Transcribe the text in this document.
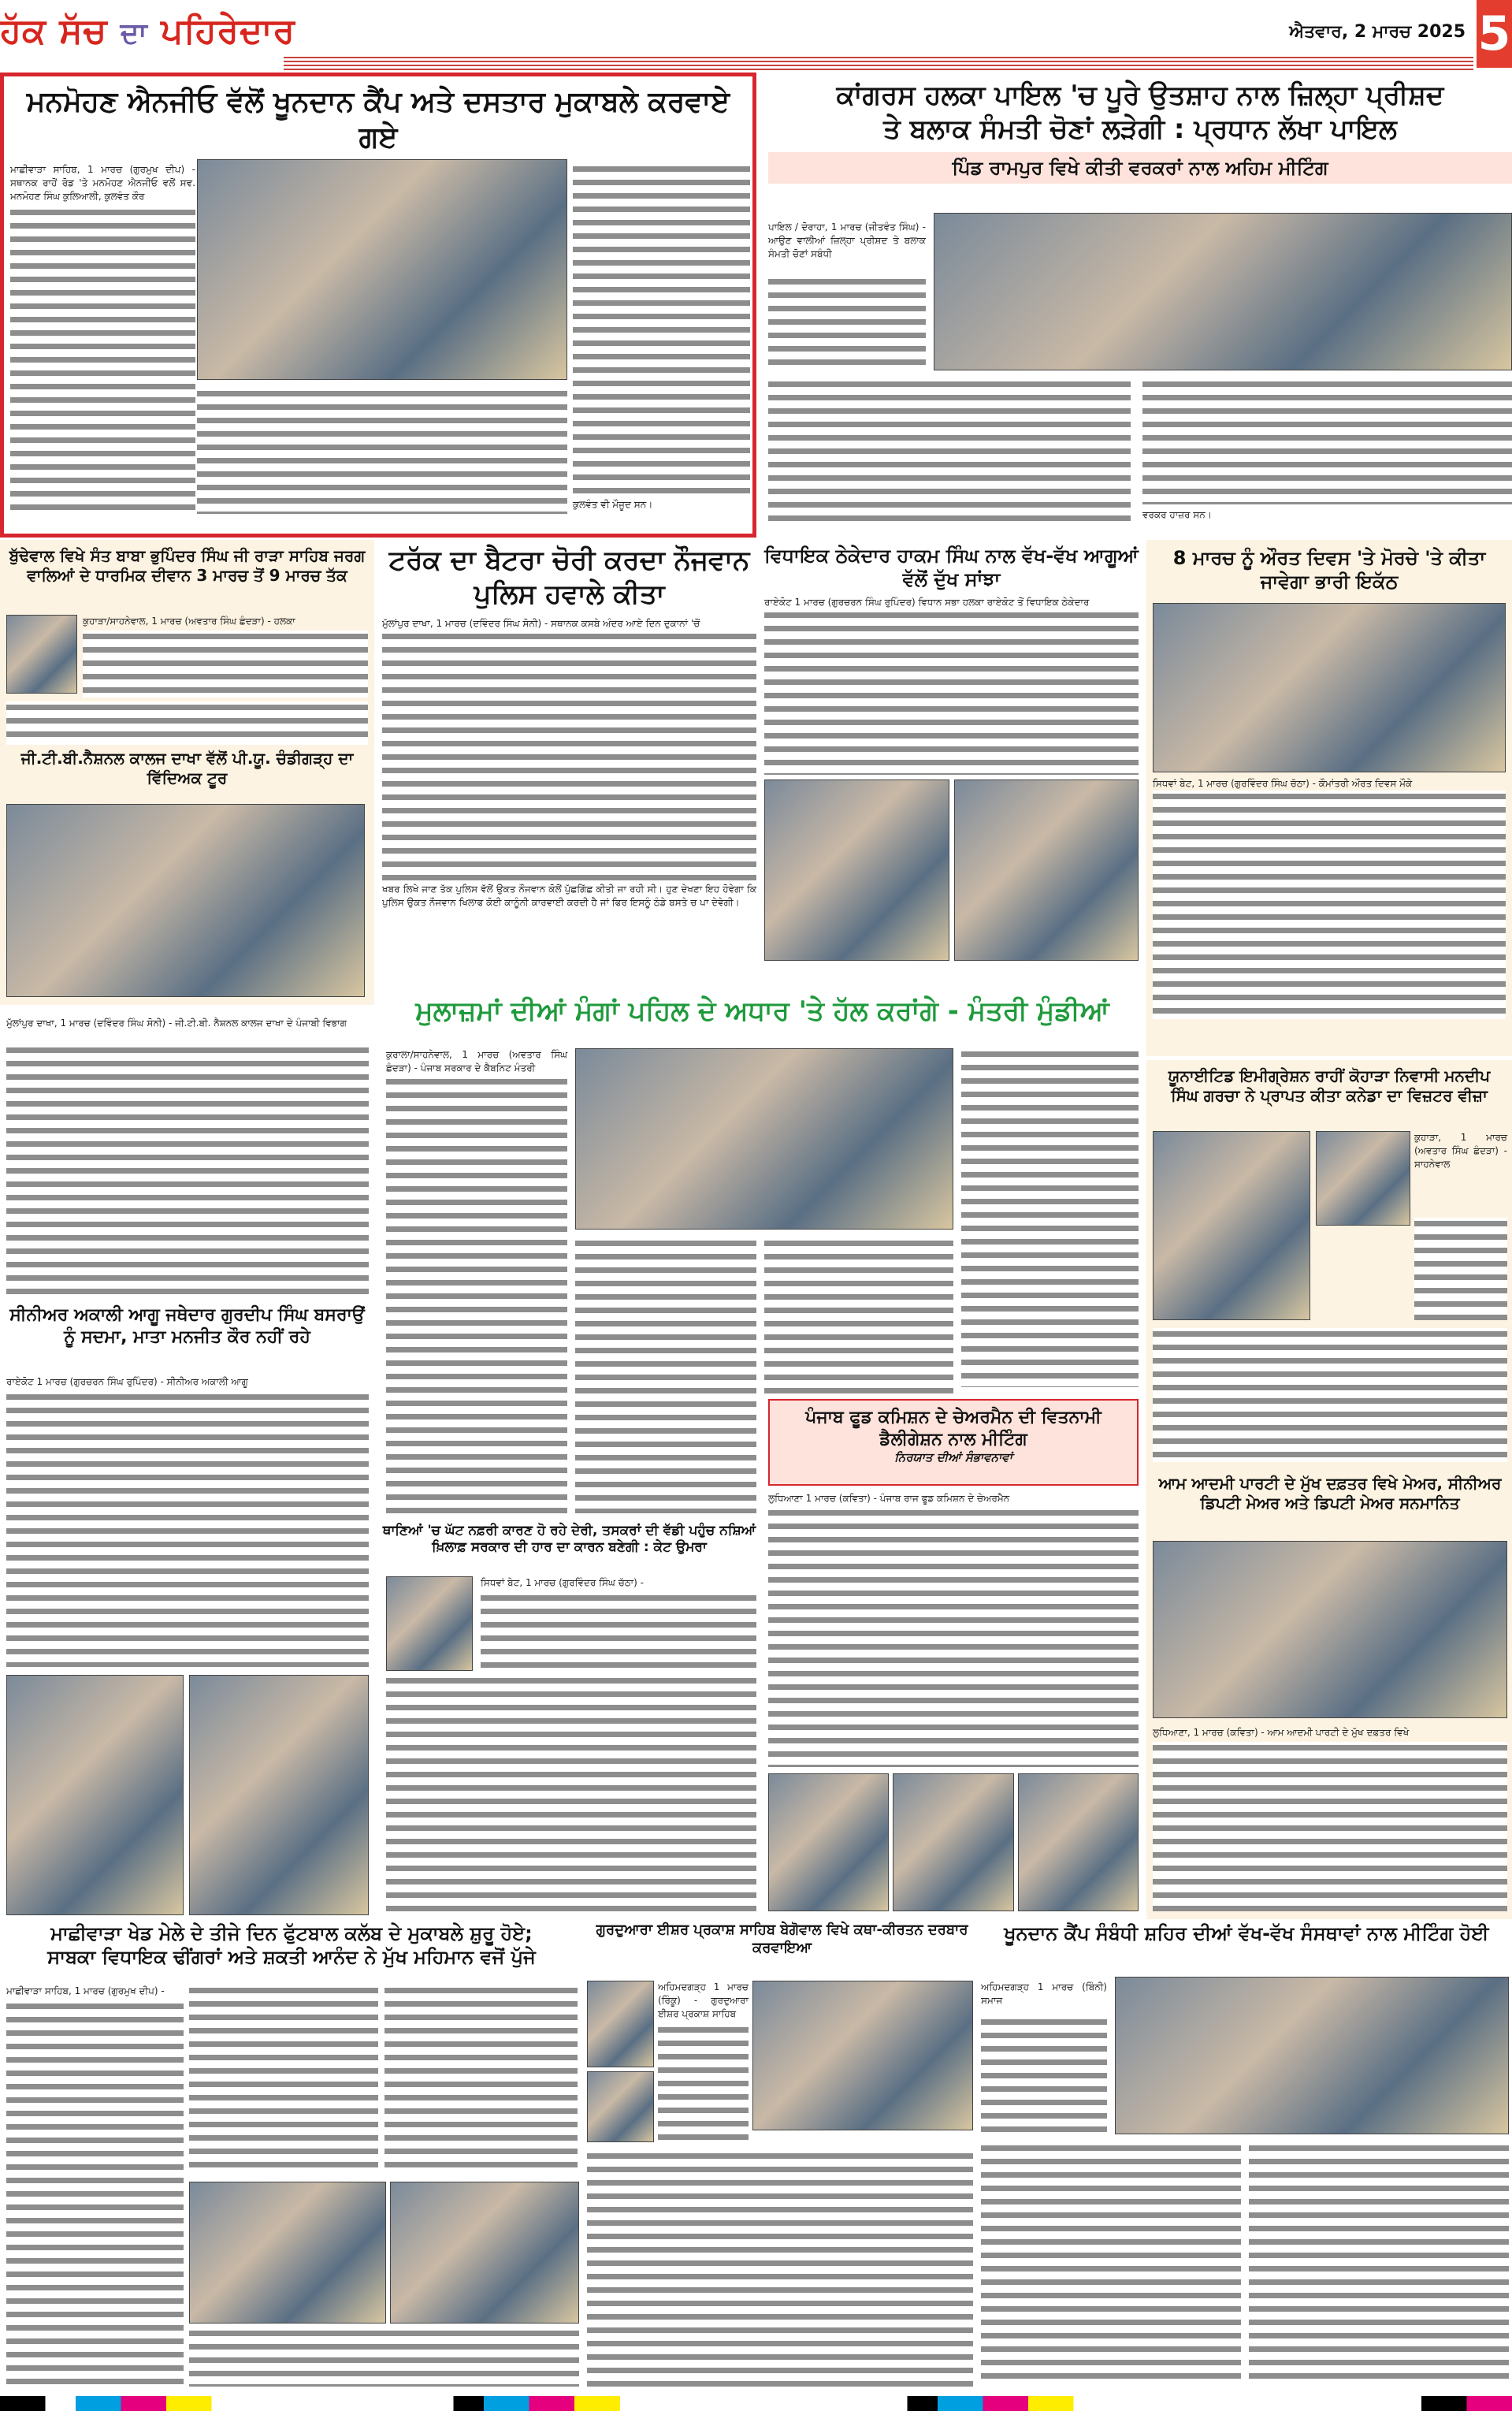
ਹੱਕ ਸੱਚ ਦਾ ਪਹਿਰੇਦਾਰ	ਐਤਵਾਰ, 2 ਮਾਰਚ 2025 5
ਮਨਮੋਹਣ ਐਨਜੀਓ ਵੱਲੋਂ ਖੂਨਦਾਨ ਕੈਂਪ ਅਤੇ ਦਸਤਾਰ ਮੁਕਾਬਲੇ ਕਰਵਾਏ ਗਏ
ਮਾਛੀਵਾੜਾ ਸਾਹਿਬ, 1 ਮਾਰਚ (ਗੁਰਮੁਖ ਦੀਪ) - ਸਥਾਨਕ ਰਾਹੋਂ ਰੋਡ 'ਤੇ ਮਨਮੋਹਣ ਐਨਜੀਓ ਵਲੋਂ ਸਵ. ਮਨਮੋਹਣ ਸਿੰਘ ਕੁਲਿਆਲੀ, ਕੁਲਵੰਤ ਕੌਰ
ਕੁਲਵੰਤ ਵੀ ਮੌਜੂਦ ਸਨ।
ਕਾਂਗਰਸ ਹਲਕਾ ਪਾਇਲ 'ਚ ਪੂਰੇ ਉਤਸ਼ਾਹ ਨਾਲ ਜ਼ਿਲ੍ਹਾ ਪ੍ਰੀਸ਼ਦ
ਤੇ ਬਲਾਕ ਸੰਮਤੀ ਚੋਣਾਂ ਲੜੇਗੀ : ਪ੍ਰਧਾਨ ਲੱਖਾ ਪਾਇਲ
ਪਿੰਡ ਰਾਮਪੁਰ ਵਿਖੇ ਕੀਤੀ ਵਰਕਰਾਂ ਨਾਲ ਅਹਿਮ ਮੀਟਿੰਗ
ਪਾਇਲ / ਦੋਰਾਹਾ, 1 ਮਾਰਚ (ਜੀਤਵੰਤ ਸਿੰਘ) - ਆਉਣ ਵਾਲੀਆਂ ਜ਼ਿਲ੍ਹਾ ਪ੍ਰੀਸ਼ਦ ਤੇ ਬਲਾਕ ਸੰਮਤੀ ਚੋਣਾਂ ਸਬੰਧੀ
ਵਰਕਰ ਹਾਜ਼ਰ ਸਨ।
ਬੁੱਢੇਵਾਲ ਵਿਖੇ ਸੰਤ ਬਾਬਾ ਭੁਪਿੰਦਰ ਸਿੰਘ ਜੀ ਰਾੜਾ ਸਾਹਿਬ ਜਰਗ ਵਾਲਿਆਂ ਦੇ ਧਾਰਮਿਕ ਦੀਵਾਨ 3 ਮਾਰਚ ਤੋਂ 9 ਮਾਰਚ ਤੱਕ
ਕੁਹਾੜਾ/ਸਾਹਨੇਵਾਲ, 1 ਮਾਰਚ (ਅਵਤਾਰ ਸਿੰਘ ਛੰਦੜਾ) - ਹਲਕਾ
ਜੀ.ਟੀ.ਬੀ.ਨੈਸ਼ਨਲ ਕਾਲਜ ਦਾਖਾ ਵੱਲੋਂ ਪੀ.ਯੂ. ਚੰਡੀਗੜ੍ਹ ਦਾ ਵਿੱਦਿਅਕ ਟੂਰ
ਮੁੱਲਾਂਪੁਰ ਦਾਖਾ, 1 ਮਾਰਚ (ਦਵਿੰਦਰ ਸਿੰਘ ਸੋਨੀ) - ਜੀ.ਟੀ.ਬੀ. ਨੈਸ਼ਨਲ ਕਾਲਜ ਦਾਖਾ ਦੇ ਪੰਜਾਬੀ ਵਿਭਾਗ
ਟਰੱਕ ਦਾ ਬੈਟਰਾ ਚੋਰੀ ਕਰਦਾ ਨੌਜਵਾਨ ਪੁਲਿਸ ਹਵਾਲੇ ਕੀਤਾ
ਮੁੱਲਾਂਪੁਰ ਦਾਖਾ, 1 ਮਾਰਚ (ਦਵਿੰਦਰ ਸਿੰਘ ਸੋਨੀ) - ਸਥਾਨਕ ਕਸਬੇ ਅੰਦਰ ਆਏ ਦਿਨ ਦੁਕਾਨਾਂ 'ਚੋਂ
ਖਬਰ ਲਿਖੇ ਜਾਣ ਤੱਕ ਪੁਲਿਸ ਵੱਲੋਂ ਉਕਤ ਨੌਜਵਾਨ ਕੋਲੋਂ ਪੁੱਛਗਿੱਛ ਕੀਤੀ ਜਾ ਰਹੀ ਸੀ। ਹੁਣ ਦੇਖਣਾ ਇਹ ਹੋਵੇਗਾ ਕਿ ਪੁਲਿਸ ਉਕਤ ਨੌਜਵਾਨ ਖਿਲਾਫ ਕੋਈ ਕਾਨੂੰਨੀ ਕਾਰਵਾਈ ਕਰਦੀ ਹੈ ਜਾਂ ਫਿਰ ਇਸਨੂੰ ਠੰਡੇ ਬਸਤੇ ਚ ਪਾ ਦੇਵੇਗੀ।
ਵਿਧਾਇਕ ਠੇਕੇਦਾਰ ਹਾਕਮ ਸਿੰਘ ਨਾਲ ਵੱਖ-ਵੱਖ ਆਗੂਆਂ ਵੱਲੋਂ ਦੁੱਖ ਸਾਂਝਾ
ਰਾਏਕੋਟ 1 ਮਾਰਚ (ਗੁਰਚਰਨ ਸਿੰਘ ਰੁਪਿੰਦਰ) ਵਿਧਾਨ ਸਭਾ ਹਲਕਾ ਰਾਏਕੋਟ ਤੋਂ ਵਿਧਾਇਕ ਠੇਕੇਦਾਰ
8 ਮਾਰਚ ਨੂੰ ਔਰਤ ਦਿਵਸ 'ਤੇ ਮੋਰਚੇ 'ਤੇ ਕੀਤਾ ਜਾਵੇਗਾ ਭਾਰੀ ਇਕੱਠ
ਸਿਧਵਾਂ ਬੇਟ, 1 ਮਾਰਚ (ਗੁਰਵਿੰਦਰ ਸਿੰਘ ਚੱਠਾ) - ਕੌਮਾਂਤਰੀ ਔਰਤ ਦਿਵਸ ਮੌਕੇ
ਮੁਲਾਜ਼ਮਾਂ ਦੀਆਂ ਮੰਗਾਂ ਪਹਿਲ ਦੇ ਅਧਾਰ 'ਤੇ ਹੱਲ ਕਰਾਂਗੇ - ਮੰਤਰੀ ਮੁੰਡੀਆਂ
ਕੁਰਾਲਾ/ਸਾਹਨੇਵਾਲ, 1 ਮਾਰਚ (ਅਵਤਾਰ ਸਿੰਘ ਛੰਦੜਾ) - ਪੰਜਾਬ ਸਰਕਾਰ ਦੇ ਕੈਬਨਿਟ ਮੰਤਰੀ
ਸੀਨੀਅਰ ਅਕਾਲੀ ਆਗੂ ਜਥੇਦਾਰ ਗੁਰਦੀਪ ਸਿੰਘ ਬਸਰਾਉਂ ਨੂੰ ਸਦਮਾ, ਮਾਤਾ ਮਨਜੀਤ ਕੌਰ ਨਹੀਂ ਰਹੇ
ਰਾਏਕੋਟ 1 ਮਾਰਚ (ਗੁਰਚਰਨ ਸਿੰਘ ਰੁਪਿੰਦਰ) - ਸੀਨੀਅਰ ਅਕਾਲੀ ਆਗੂ
ਯੂਨਾਈਟਿਡ ਇਮੀਗ੍ਰੇਸ਼ਨ ਰਾਹੀਂ ਕੋਹਾੜਾ ਨਿਵਾਸੀ ਮਨਦੀਪ ਸਿੰਘ ਗਰਚਾ ਨੇ ਪ੍ਰਾਪਤ ਕੀਤਾ ਕਨੇਡਾ ਦਾ ਵਿਜ਼ਟਰ ਵੀਜ਼ਾ
ਕੁਹਾੜਾ, 1 ਮਾਰਚ (ਅਵਤਾਰ ਸਿੰਘ ਛੰਦੜਾ) - ਸਾਹਨੇਵਾਲ
ਆਮ ਆਦਮੀ ਪਾਰਟੀ ਦੇ ਮੁੱਖ ਦਫ਼ਤਰ ਵਿਖੇ ਮੇਅਰ, ਸੀਨੀਅਰ ਡਿਪਟੀ ਮੇਅਰ ਅਤੇ ਡਿਪਟੀ ਮੇਅਰ ਸਨਮਾਨਿਤ
ਲੁਧਿਆਣਾ, 1 ਮਾਰਚ (ਕਵਿਤਾ) - ਆਮ ਆਦਮੀ ਪਾਰਟੀ ਦੇ ਮੁੱਖ ਦਫ਼ਤਰ ਵਿਖੇ
ਥਾਣਿਆਂ 'ਚ ਘੱਟ ਨਫ਼ਰੀ ਕਾਰਣ ਹੋ ਰਹੇ ਦੇਰੀ, ਤਸਕਰਾਂ ਦੀ ਵੱਡੀ ਪਹੁੰਚ ਨਸ਼ਿਆਂ ਖ਼ਿਲਾਫ਼ ਸਰਕਾਰ ਦੀ ਹਾਰ ਦਾ ਕਾਰਨ ਬਣੇਗੀ : ਕੇਟ ਉਮਰਾ
ਸਿਧਵਾਂ ਬੇਟ, 1 ਮਾਰਚ (ਗੁਰਵਿੰਦਰ ਸਿੰਘ ਚੱਠਾ) -
ਪੰਜਾਬ ਫੂਡ ਕਮਿਸ਼ਨ ਦੇ ਚੇਅਰਮੈਨ ਦੀ ਵਿਤਨਾਮੀ ਡੈਲੀਗੇਸ਼ਨ ਨਾਲ ਮੀਟਿੰਗ
ਨਿਰਯਾਤ ਦੀਆਂ ਸੰਭਾਵਨਾਵਾਂ
ਲੁਧਿਆਣਾ 1 ਮਾਰਚ (ਕਵਿਤਾ) - ਪੰਜਾਬ ਰਾਜ ਫੂਡ ਕਮਿਸ਼ਨ ਦੇ ਚੇਅਰਮੈਨ
ਮਾਛੀਵਾੜਾ ਖੇਡ ਮੇਲੇ ਦੇ ਤੀਜੇ ਦਿਨ ਫੁੱਟਬਾਲ ਕਲੱਬ ਦੇ ਮੁਕਾਬਲੇ ਸ਼ੁਰੂ ਹੋਏ;
ਸਾਬਕਾ ਵਿਧਾਇਕ ਢੀਂਗਰਾਂ ਅਤੇ ਸ਼ਕਤੀ ਆਨੰਦ ਨੇ ਮੁੱਖ ਮਹਿਮਾਨ ਵਜੋਂ ਪੁੱਜੇ
ਮਾਛੀਵਾੜਾ ਸਾਹਿਬ, 1 ਮਾਰਚ (ਗੁਰਮੁਖ ਦੀਪ) -
ਗੁਰਦੁਆਰਾ ਈਸ਼ਰ ਪ੍ਰਕਾਸ਼ ਸਾਹਿਬ ਬੇਗੋਵਾਲ ਵਿਖੇ ਕਥਾ-ਕੀਰਤਨ ਦਰਬਾਰ ਕਰਵਾਇਆ
ਅਹਿਮਦਗੜ੍ਹ 1 ਮਾਰਚ (ਰਿੰਕੂ) - ਗੁਰਦੁਆਰਾ ਈਸ਼ਰ ਪ੍ਰਕਾਸ਼ ਸਾਹਿਬ
ਖੂਨਦਾਨ ਕੈਂਪ ਸੰਬੰਧੀ ਸ਼ਹਿਰ ਦੀਆਂ ਵੱਖ-ਵੱਖ ਸੰਸਥਾਵਾਂ ਨਾਲ ਮੀਟਿੰਗ ਹੋਈ
ਅਹਿਮਦਗੜ੍ਹ 1 ਮਾਰਚ (ਬਿੰਨੀ) ਸਮਾਜ
